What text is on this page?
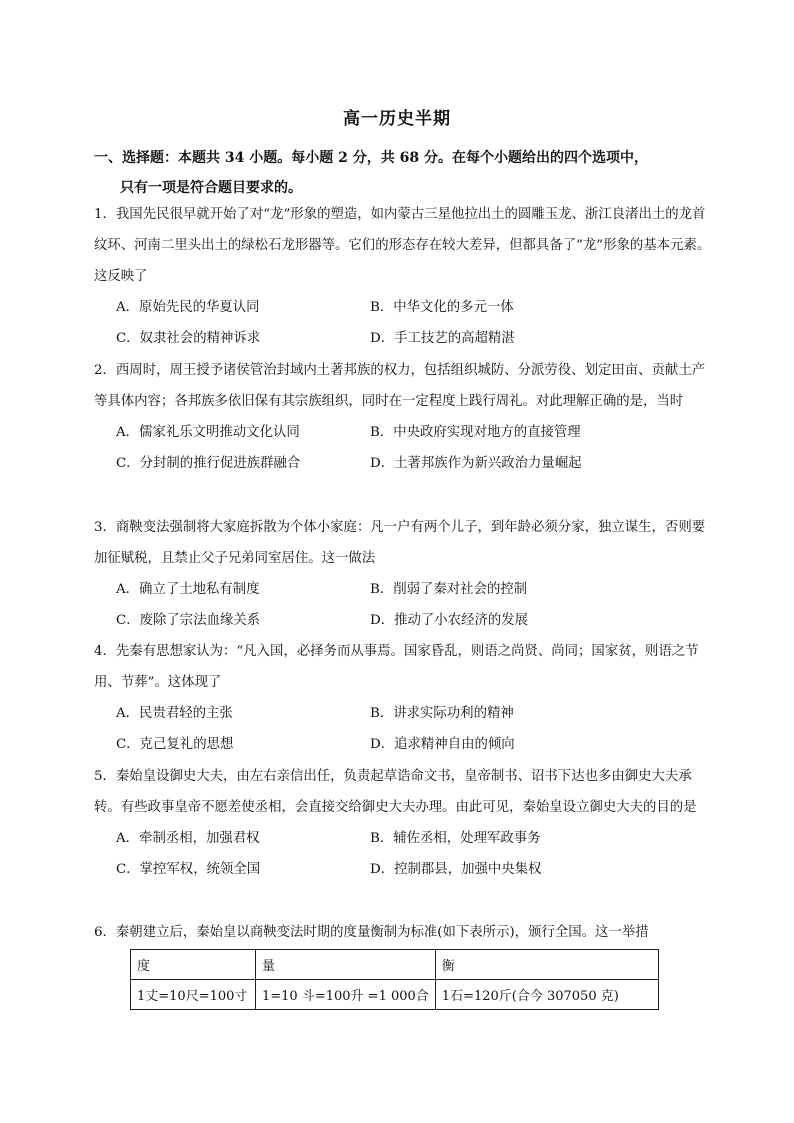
高一历史半期
一、选择题：本题共 34 小题。每小题 2 分，共 68 分。在每个小题给出的四个选项中，
只有一项是符合题目要求的。

1．我国先民很早就开始了对“龙”形象的塑造，如内蒙古三星他拉出土的圆雕玉龙、浙江良渚出土的龙首纹环、河南二里头出土的绿松石龙形器等。它们的形态存在较大差异，但都具备了“龙”形象的基本元素。这反映了

A．原始先民的华夏认同	B．中华文化的多元一体
C．奴隶社会的精神诉求	D．手工技艺的高超精湛

2．西周时，周王授予诸侯管治封域内土著邦族的权力，包括组织城防、分派劳役、划定田亩、贡献土产等具体内容；各邦族多依旧保有其宗族组织，同时在一定程度上践行周礼。对此理解正确的是，当时

A．儒家礼乐文明推动文化认同	B．中央政府实现对地方的直接管理
C．分封制的推行促进族群融合	D．土著邦族作为新兴政治力量崛起

3．商鞅变法强制将大家庭拆散为个体小家庭：凡一户有两个儿子，到年龄必须分家，独立谋生，否则要加征赋税，且禁止父子兄弟同室居住。这一做法

A．确立了土地私有制度	B．削弱了秦对社会的控制
C．废除了宗法血缘关系	D．推动了小农经济的发展

4．先秦有思想家认为：“凡入国，必择务而从事焉。国家昏乱，则语之尚贤、尚同；国家贫，则语之节用、节葬”。这体现了

A．民贵君轻的主张	B．讲求实际功利的精神
C．克己复礼的思想	D．追求精神自由的倾向

5．秦始皇设御史大夫，由左右亲信出任，负责起草诰命文书，皇帝制书、诏书下达也多由御史大夫承转。有些政事皇帝不愿差使丞相，会直接交给御史大夫办理。由此可见，秦始皇设立御史大夫的目的是

A．牵制丞相，加强君权	B．辅佐丞相，处理军政事务
C．掌控军权，统领全国	D．控制郡县，加强中央集权

6．秦朝建立后，秦始皇以商鞅变法时期的度量衡制为标准(如下表所示)，颁行全国。这一举措

度	量	衡
1丈=10尺=100寸	1=10 斗=100升 =1 000合	1石=120斤(合今 307050 克)
